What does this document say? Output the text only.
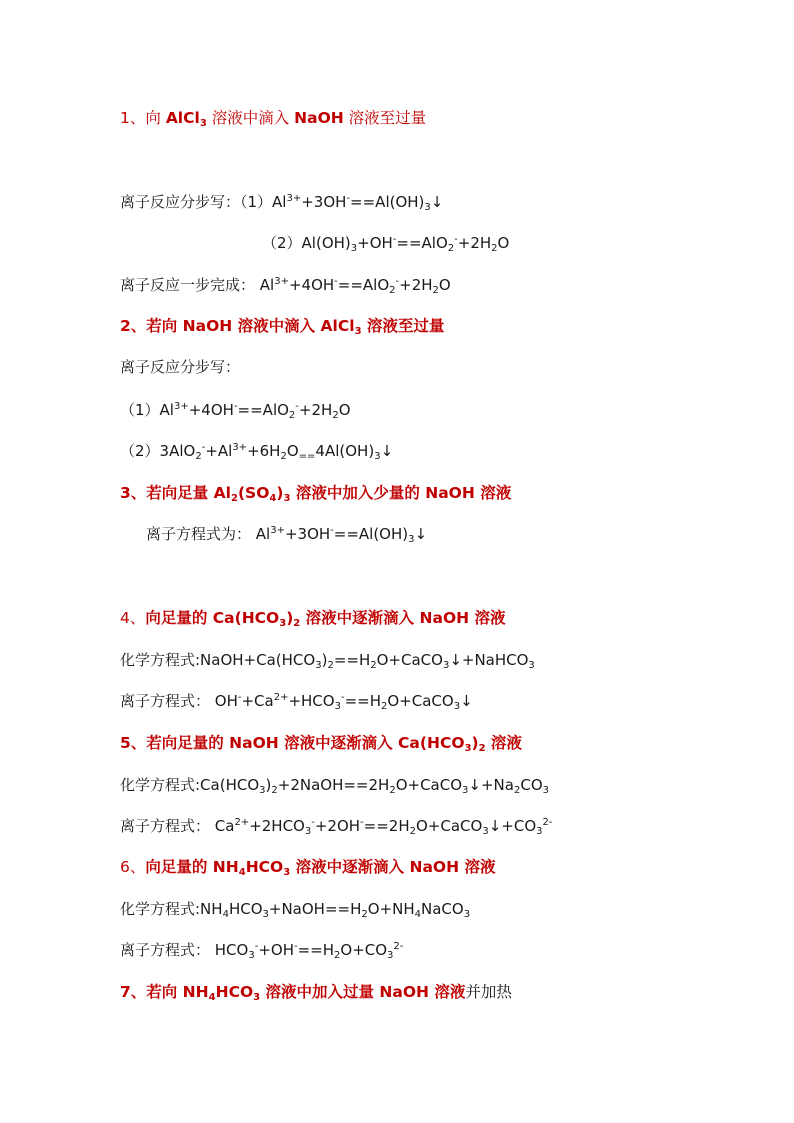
1、向 AlCl$_3$ 溶液中滴入 NaOH 溶液至过量
离子反应分步写：$(1)Al^{3+}+3OH^-==Al(OH)_3↓$
$(2)Al(OH)_3+OH^-==AlO_2^-+2H_2O$
离子反应一步完成： $Al^{3+}+4OH^-==AlO_2^-+2H_2O$
2、若向 NaOH 溶液中滴入 AlCl$_3$ 溶液至过量
离子反应分步写：
$(1)Al^{3+}+4OH^-==AlO_2^-+2H_2O$
$(2)3AlO_2^-+Al^{3+}+6H_2O_{==}4Al(OH)_3↓$
3、若向足量 $Al_2(SO_4)_3$ 溶液中加入少量的 NaOH 溶液
离子方程式为： $Al^{3+}+3OH^-==Al(OH)_3↓$
4、向足量的 $Ca(HCO_3)_2$ 溶液中逐渐滴入 NaOH 溶液
化学方程式$:NaOH+Ca(HCO_3)_2==H_2O+CaCO_3↓+NaHCO_3$
离子方程式： $OH^-+Ca^{2+}+HCO_3^-==H_2O+CaCO_3↓$
5、若向足量的 NaOH 溶液中逐渐滴入 $Ca(HCO_3)_2$ 溶液
化学方程式$:Ca(HCO_3)_2+2NaOH==2H_2O+CaCO_3↓+Na_2CO_3$
离子方程式： $Ca^{2+}+2HCO_3^-+2OH^-==2H_2O+CaCO_3↓+CO_3^{2-}$
6、向足量的 $NH_4HCO_3$ 溶液中逐渐滴入 NaOH 溶液
化学方程式$:NH_4HCO_3+NaOH==H_2O+NH_4NaCO_3$
离子方程式： $HCO_3^-+OH^-==H_2O+CO_3^{2-}$
7、若向 $NH_4HCO_3$ 溶液中加入过量 NaOH 溶液并加热
